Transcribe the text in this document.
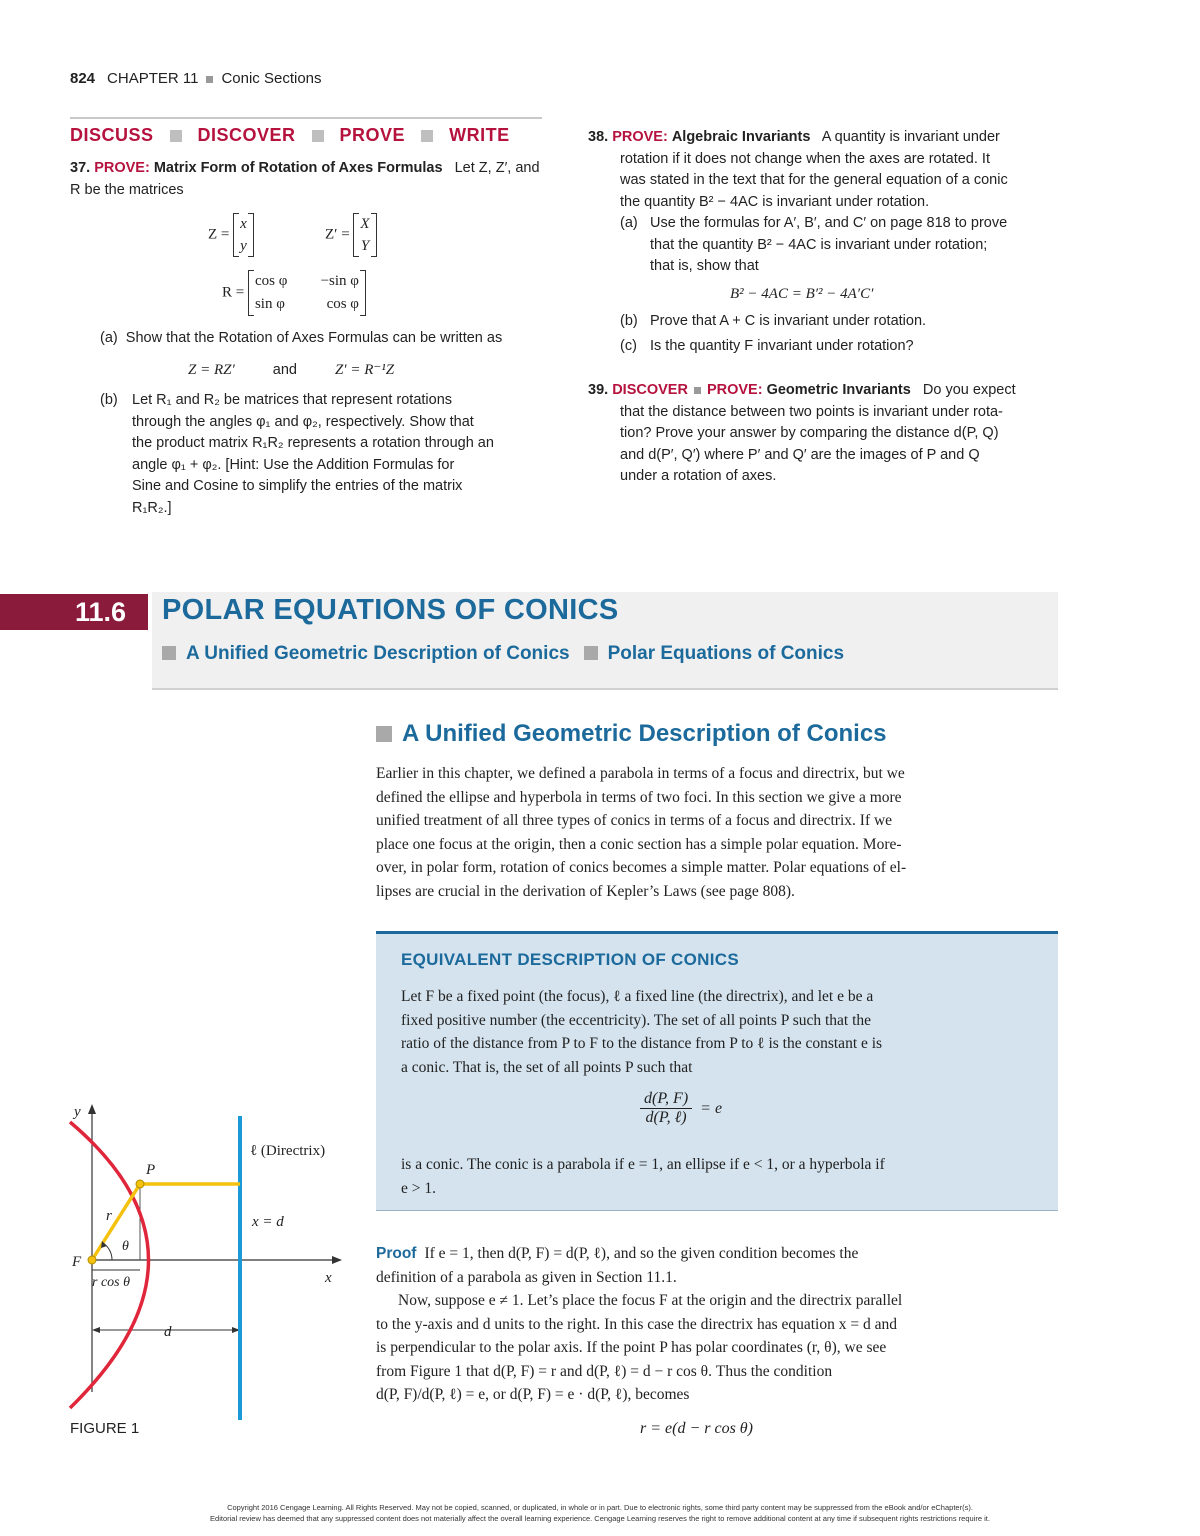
824 CHAPTER 11 Conic Sections
DISCUSS DISCOVER PROVE WRITE
37. PROVE: Matrix Form of Rotation of Axes Formulas Let Z, Z′, and R be the matrices
Z = x
y
Z′ = X
Y
R = cos φ −sin φ
sin φ	cos φ
(a) Show that the Rotation of Axes Formulas can be written as
Z = RZ′	and	Z′ = R⁻¹Z
(b) Let R₁ and R₂ be matrices that represent rotations
through the angles φ₁ and φ₂, respectively. Show that
the product matrix R₁R₂ represents a rotation through an
angle φ₁ + φ₂. [Hint: Use the Addition Formulas for
Sine and Cosine to simplify the entries of the matrix
R₁R₂.]
38. PROVE: Algebraic Invariants A quantity is invariant under
rotation if it does not change when the axes are rotated. It
was stated in the text that for the general equation of a conic
the quantity B² − 4AC is invariant under rotation.
(a) Use the formulas for A′, B′, and C′ on page 818 to prove
that the quantity B² − 4AC is invariant under rotation;
that is, show that
B² − 4AC = B′² − 4A′C′
(b) Prove that A + C is invariant under rotation.
(c) Is the quantity F invariant under rotation?
39. DISCOVER PROVE: Geometric Invariants Do you expect
that the distance between two points is invariant under rota-
tion? Prove your answer by comparing the distance d(P, Q)
and d(P′, Q′) where P′ and Q′ are the images of P and Q
under a rotation of axes.
11.6	POLAR EQUATIONS OF CONICS
A Unified Geometric Description of Conics Polar Equations of Conics
A Unified Geometric Description of Conics
Earlier in this chapter, we defined a parabola in terms of a focus and directrix, but we
defined the ellipse and hyperbola in terms of two foci. In this section we give a more
unified treatment of all three types of conics in terms of a focus and directrix. If we
place one focus at the origin, then a conic section has a simple polar equation. More-
over, in polar form, rotation of conics becomes a simple matter. Polar equations of el-
lipses are crucial in the derivation of Kepler’s Laws (see page 808).
EQUIVALENT DESCRIPTION OF CONICS
Let F be a fixed point (the focus), ℓ a fixed line (the directrix), and let e be a
fixed positive number (the eccentricity). The set of all points P such that the
ratio of the distance from P to F to the distance from P to ℓ is the constant e is
a conic. That is, the set of all points P such that
$\frac{d(P, F)}{\text{d(P, ℓ)}} = e$
is a conic. The conic is a parabola if e = 1, an ellipse if e < 1, or a hyperbola if
e > 1.
Proof If e = 1, then d(P, F) = d(P, ℓ), and so the given condition becomes the
definition of a parabola as given in Section 11.1.
Now, suppose e ≠ 1. Let’s place the focus F at the origin and the directrix parallel
to the y-axis and d units to the right. In this case the directrix has equation x = d and
is perpendicular to the polar axis. If the point P has polar coordinates (r, θ), we see
from Figure 1 that d(P, F) = r and d(P, ℓ) = d − r cos θ. Thus the condition
d(P, F)/d(P, ℓ) = e, or d(P, F) = e · d(P, ℓ), becomes
r = e(d − r cos θ)
y
x
P
F
r
θ
r cos θ
d
ℓ (Directrix)
x = d
FIGURE 1
Copyright 2016 Cengage Learning. All Rights Reserved. May not be copied, scanned, or duplicated, in whole or in part. Due to electronic rights, some third party content may be suppressed from the eBook and/or eChapter(s).
Editorial review has deemed that any suppressed content does not materially affect the overall learning experience. Cengage Learning reserves the right to remove additional content at any time if subsequent rights restrictions require it.
